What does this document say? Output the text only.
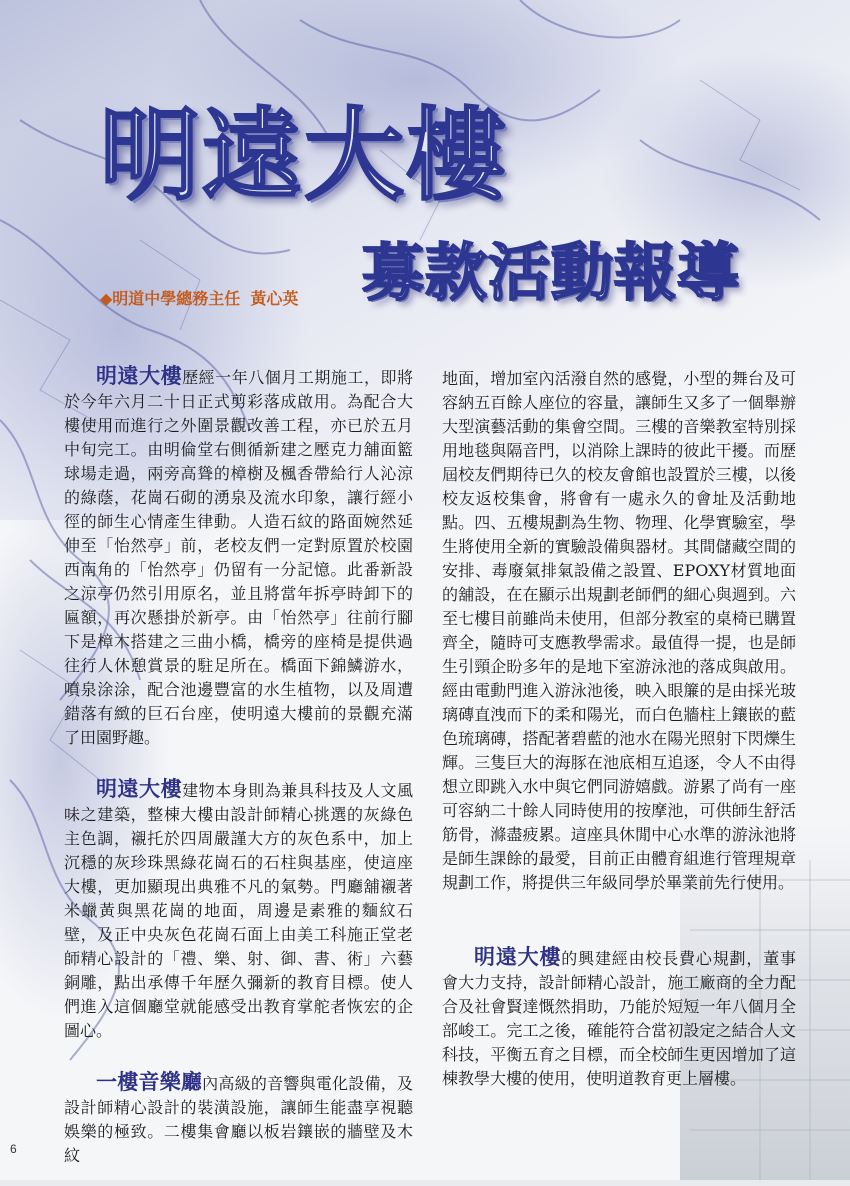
明遠大樓
募款活動報導
◆明道中學總務主任 黃心英

明遠大樓歷經一年八個月工期施工，即將於今年六月二十日正式剪彩落成啟用。為配合大樓使用而進行之外圍景觀改善工程，亦已於五月中旬完工。由明倫堂右側循新建之壓克力舖面籃球場走過，兩旁高聳的樟樹及楓香帶給行人沁涼的綠蔭，花崗石砌的湧泉及流水印象，讓行經小徑的師生心情產生律動。人造石紋的路面婉然延伸至「怡然亭」前，老校友們一定對原置於校園西南角的「怡然亭」仍留有一分記憶。此番新設之涼亭仍然引用原名，並且將當年拆亭時卸下的匾額，再次懸掛於新亭。由「怡然亭」往前行腳下是樟木搭建之三曲小橋，橋旁的座椅是提供過往行人休憩賞景的駐足所在。橋面下錦鱗游水，噴泉涂涂，配合池邊豐富的水生植物，以及周遭錯落有緻的巨石台座，使明遠大樓前的景觀充滿了田園野趣。

明遠大樓建物本身則為兼具科技及人文風味之建築，整棟大樓由設計師精心挑選的灰綠色主色調，襯托於四周嚴謹大方的灰色系中，加上沉穩的灰珍珠黑綠花崗石的石柱與基座，使這座大樓，更加顯現出典雅不凡的氣勢。門廳舖襯著米蠟黃與黑花崗的地面，周邊是素雅的麵紋石壁，及正中央灰色花崗石面上由美工科施正堂老師精心設計的「禮、樂、射、御、書、術」六藝銅雕，點出承傳千年歷久彌新的教育目標。使人們進入這個廳堂就能感受出教育掌舵者恢宏的企圖心。

一樓音樂廳內高級的音響與電化設備，及設計師精心設計的裝潢設施，讓師生能盡享視聽娛樂的極致。二樓集會廳以板岩鑲嵌的牆壁及木紋

地面，增加室內活潑自然的感覺，小型的舞台及可容納五百餘人座位的容量，讓師生又多了一個舉辦大型演藝活動的集會空間。三樓的音樂教室特別採用地毯與隔音門，以消除上課時的彼此干擾。而歷屆校友們期待已久的校友會館也設置於三樓，以後校友返校集會，將會有一處永久的會址及活動地點。四、五樓規劃為生物、物理、化學實驗室，學生將使用全新的實驗設備與器材。其間儲藏空間的安排、毒廢氣排氣設備之設置、EPOXY材質地面的舖設，在在顯示出規劃老師們的細心與週到。六至七樓目前雖尚未使用，但部分教室的桌椅已購置齊全，隨時可支應教學需求。最值得一提，也是師生引頸企盼多年的是地下室游泳池的落成與啟用。經由電動門進入游泳池後，映入眼簾的是由採光玻璃磚直洩而下的柔和陽光，而白色牆柱上鑲嵌的藍色琉璃磚，搭配著碧藍的池水在陽光照射下閃爍生輝。三隻巨大的海豚在池底相互追逐，令人不由得想立即跳入水中與它們同游嬉戲。游累了尚有一座可容納二十餘人同時使用的按摩池，可供師生舒活筋骨，滌盡疲累。這座具休閒中心水準的游泳池將是師生課餘的最愛，目前正由體育組進行管理規章規劃工作，將提供三年級同學於畢業前先行使用。

明遠大樓的興建經由校長費心規劃，董事會大力支持，設計師精心設計，施工廠商的全力配合及社會賢達慨然捐助，乃能於短短一年八個月全部峻工。完工之後，確能符合當初設定之結合人文科技，平衡五育之目標，而全校師生更因增加了這棟教學大樓的使用，使明道教育更上層樓。

6
